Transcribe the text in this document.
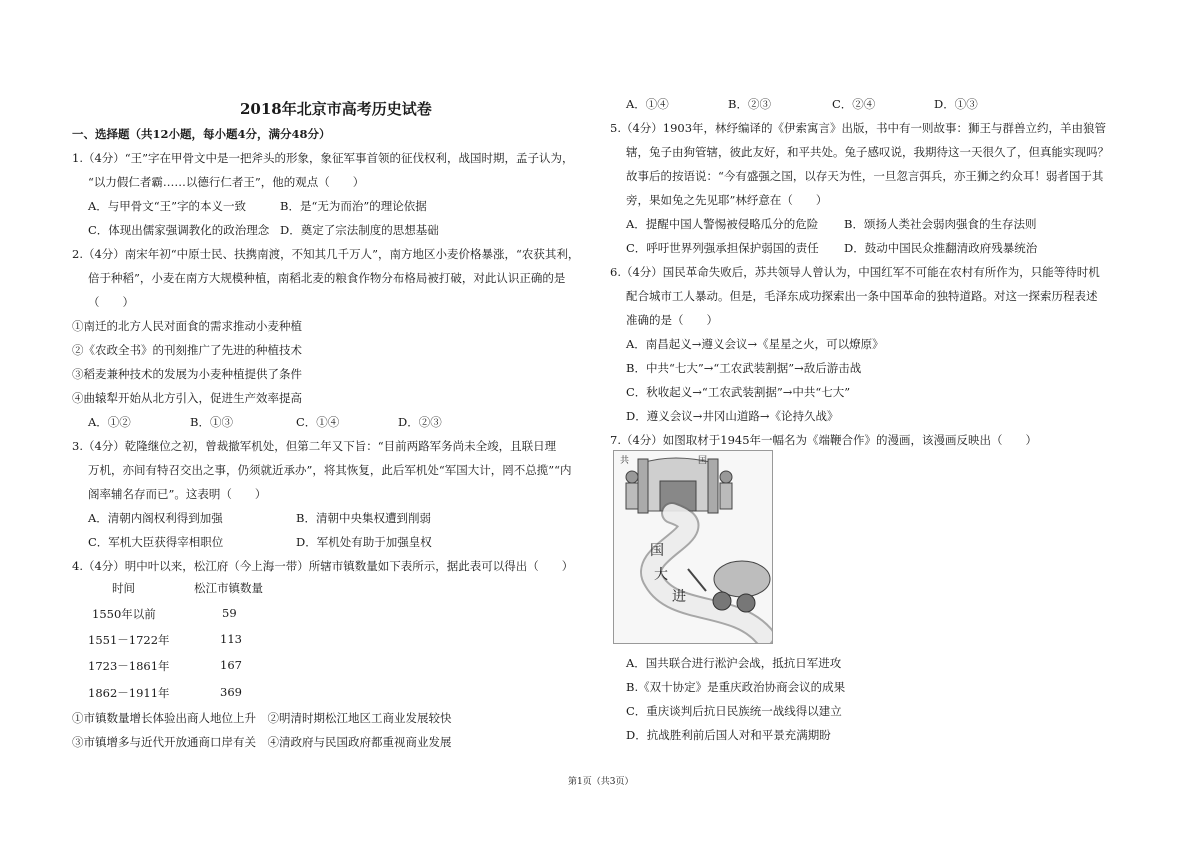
2018年北京市高考历史试卷
一、选择题（共12小题，每小题4分，满分48分）
1.（4分）“王”字在甲骨文中是一把斧头的形象，象征军事首领的征伐权利，战国时期，孟子认为，
“以力假仁者霸……以德行仁者王”，他的观点（　　）
A．与甲骨文“王”字的本义一致	B．是“无为而治”的理论依据
C．体现出儒家强调教化的政治理念 D．奠定了宗法制度的思想基础
2.（4分）南宋年初“中原士民、扶携南渡，不知其几千万人”，南方地区小麦价格暴涨，“农获其利，
倍于种稻”，小麦在南方大规模种植，南稻北麦的粮食作物分布格局被打破，对此认识正确的是
（　　）
①南迁的北方人民对面食的需求推动小麦种植
②《农政全书》的刊刻推广了先进的种植技术
③稻麦兼种技术的发展为小麦种植提供了条件
④曲辕犁开始从北方引入，促进生产效率提高
A．①②	B．①③	C．①④	D．②③
3.（4分）乾隆继位之初，曾裁撤军机处，但第二年又下旨：“目前两路军务尚未全竣，且联日理
万机，亦间有特召交出之事，仍须就近承办”，将其恢复，此后军机处“军国大计，罔不总揽”“内
阁率辅名存而已”。这表明（　　）
A．清朝内阁权利得到加强	B．清朝中央集权遭到削弱
C．军机大臣获得宰相职位	D．军机处有助于加强皇权
4.（4分）明中叶以来，松江府（今上海一带）所辖市镇数量如下表所示，据此表可以得出（　　）
时间	松江市镇数量
1550年以前	59
1551－1722年	113
1723－1861年	167
1862－1911年	369
①市镇数量增长体验出商人地位上升　②明清时期松江地区工商业发展较快
③市镇增多与近代开放通商口岸有关　④清政府与民国政府都重视商业发展
A．①④	B．②③	C．②④	D．①③
5.（4分）1903年，林纾编译的《伊索寓言》出版，书中有一则故事：狮王与群兽立约，羊由狼管
辖，兔子由狗管辖，彼此友好，和平共处。兔子感叹说，我期待这一天很久了，但真能实现吗？
故事后的按语说：“今有盛强之国，以存天为性，一旦忽言弭兵，亦王狮之约众耳！弱者国于其
旁，果如兔之先见耶”林纾意在（　　）
A．提醒中国人警惕被侵略瓜分的危险 B．颂扬人类社会弱肉强食的生存法则
C．呼吁世界列强承担保护弱国的责任 D．鼓动中国民众推翻清政府残暴统治
6.（4分）国民革命失败后，苏共领导人曾认为，中国红军不可能在农村有所作为，只能等待时机
配合城市工人暴动。但是，毛泽东成功探索出一条中国革命的独特道路。对这一探索历程表述
准确的是（　　）
A．南昌起义→遵义会议→《星星之火，可以燎原》
B．中共“七大”→“工农武装割据”→敌后游击战
C．秋收起义→“工农武装割据”→中共“七大”
D．遵义会议→井冈山道路→《论持久战》
7.（4分）如图取材于1945年一幅名为《端鞭合作》的漫画，该漫画反映出（　　）
共	国
国
大
进
A．国共联合进行淞沪会战，抵抗日军进攻
B.《双十协定》是重庆政治协商会议的成果
C．重庆谈判后抗日民族统一战线得以建立
D．抗战胜利前后国人对和平景充满期盼
第1页（共3页）
